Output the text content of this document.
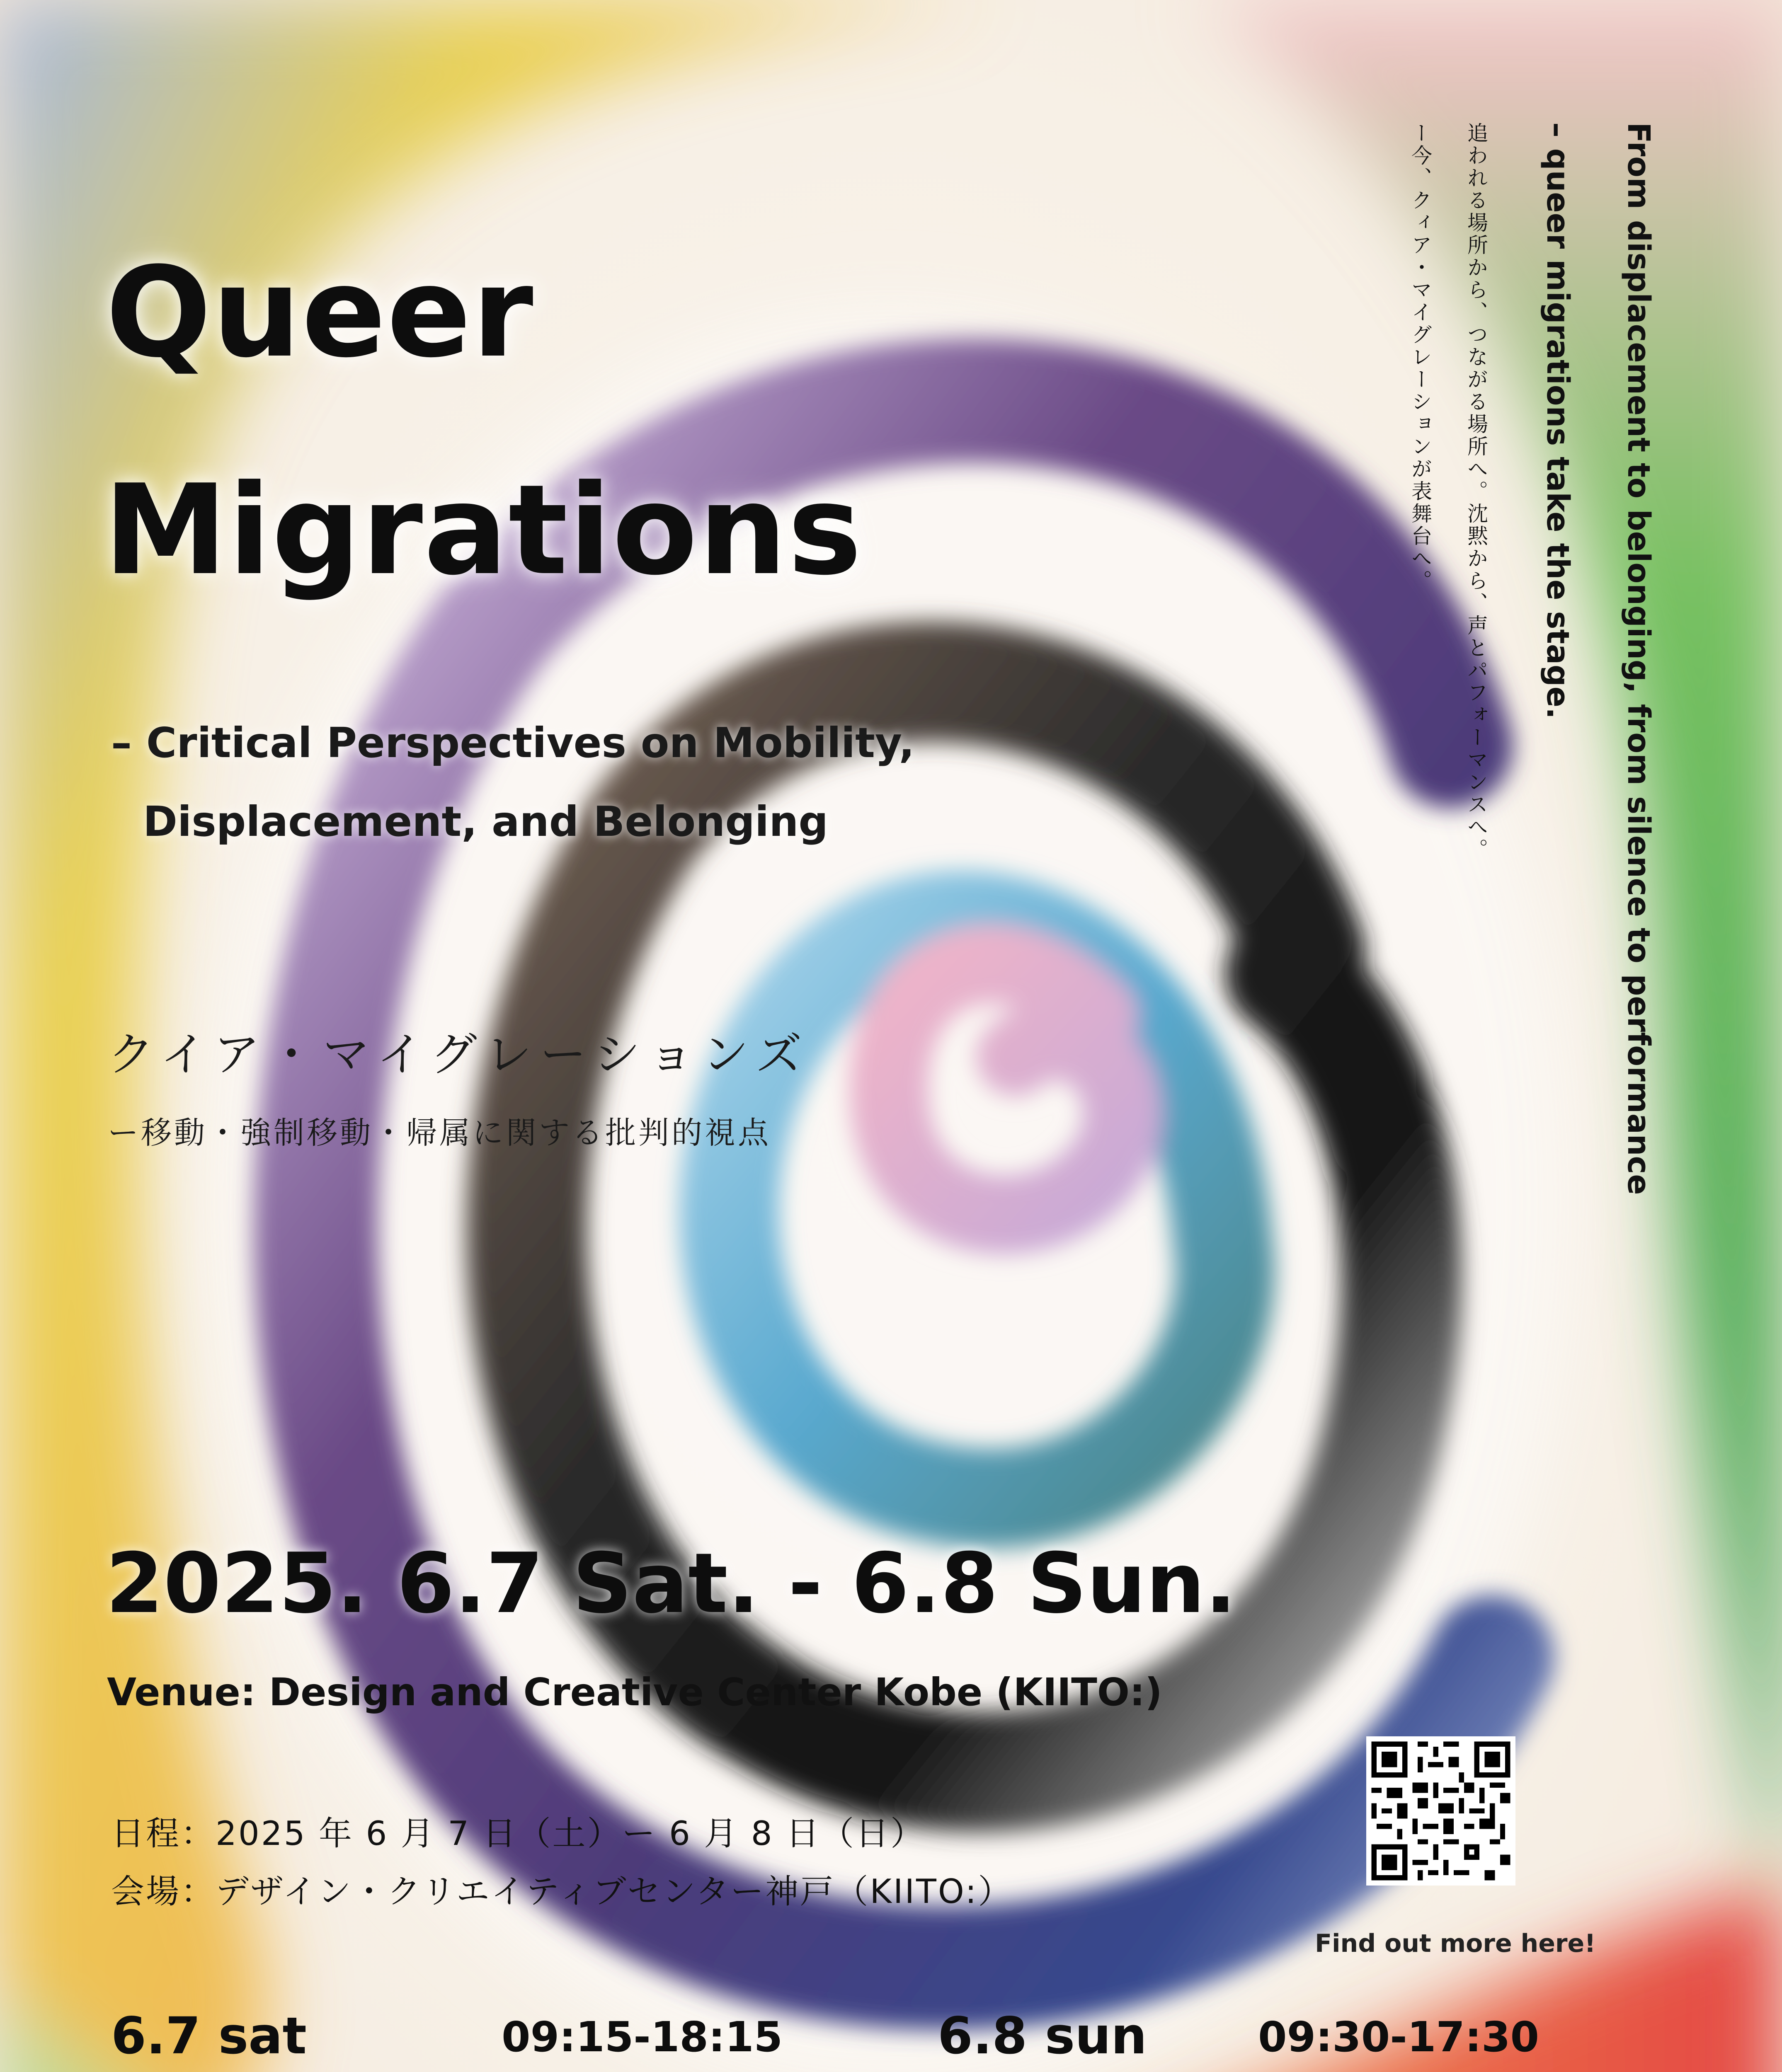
Queer
Migrations
– Critical Perspectives on Mobility,
Displacement, and Belonging
クイア・マイグレーションズ
ー移動・強制移動・帰属に関する批判的視点	From displacement to belonging, from silence to performance
– queer migrations take the stage.
追われる場所から、つながる場所へ。沈黙から、声とパフォーマンスへ。
ー今、クィア・マイグレーションが表舞台へ。
2025. 6.7 Sat. - 6.8 Sun.
Venue: Design and Creative Center Kobe (KIITO:)
日程：2025 年 6 月 7 日（土）ー 6 月 8 日（日）
会場：デザイン・クリエイティブセンター神戸（KIITO:）
Find out more here!
6.7 sat	09:15-18:15	6.8 sun	09:30-17:30
